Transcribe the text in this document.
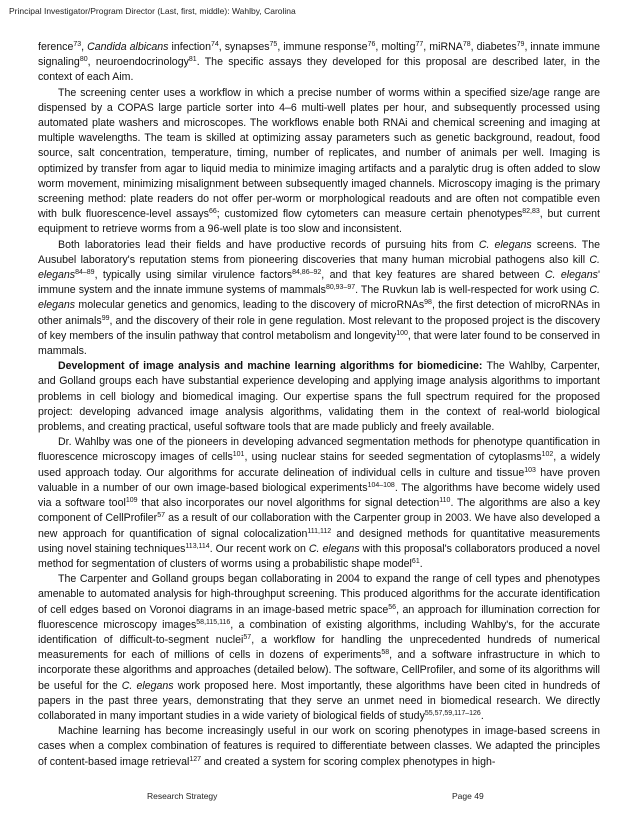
Principal Investigator/Program Director (Last, first, middle): Wahlby, Carolina

ference$^{73}$, Candida albicans infection$^{74}$, synapses$^{75}$, immune response$^{76}$, molting$^{77}$, miRNA$^{78}$, diabetes$^{79}$, innate immune signaling$^{80}$, neuroendocrinology$^{81}$. The specific assays they developed for this proposal are described later, in the context of each Aim.

The screening center uses a workflow in which a precise number of worms within a specified size/age range are dispensed by a COPAS large particle sorter into 4–6 multi-well plates per hour, and subsequently processed using automated plate washers and microscopes. The workflows enable both RNAi and chemical screening and imaging at multiple wavelengths. The team is skilled at optimizing assay parameters such as genetic background, readout, food source, salt concentration, temperature, timing, number of replicates, and number of animals per well. Imaging is optimized by transfer from agar to liquid media to minimize imaging artifacts and a paralytic drug is often added to slow worm movement, minimizing misalignment between subsequently imaged channels. Microscopy imaging is the primary screening method: plate readers do not offer per-worm or morphological readouts and are often not compatible even with bulk fluorescence-level assays$^{66}$; customized flow cytometers can measure certain phenotypes$^{82,83}$, but current equipment to retrieve worms from a 96-well plate is too slow and inconsistent.

Both laboratories lead their fields and have productive records of pursuing hits from C. elegans screens. The Ausubel laboratory's reputation stems from pioneering discoveries that many human microbial pathogens also kill C. elegans$^{84-89}$, typically using similar virulence factors$^{84,86-92}$, and that key features are shared between C. elegans' immune system and the innate immune systems of mammals$^{80,93-97}$. The Ruvkun lab is well-respected for work using C. elegans molecular genetics and genomics, leading to the discovery of microRNAs$^{98}$, the first detection of microRNAs in other animals$^{99}$, and the discovery of their role in gene regulation. Most relevant to the proposed project is the discovery of key members of the insulin pathway that control metabolism and longevity$^{100}$, that were later found to be conserved in mammals.

Development of image analysis and machine learning algorithms for biomedicine: The Wahlby, Carpenter, and Golland groups each have substantial experience developing and applying image analysis algorithms to important problems in cell biology and biomedical imaging. Our expertise spans the full spectrum required for the proposed project: developing advanced image analysis algorithms, validating them in the context of real-world biological problems, and creating practical, useful software tools that are made publicly and freely available.

Dr. Wahlby was one of the pioneers in developing advanced segmentation methods for phenotype quantification in fluorescence microscopy images of cells$^{101}$, using nuclear stains for seeded segmentation of cytoplasms$^{102}$, a widely used approach today. Our algorithms for accurate delineation of individual cells in culture and tissue$^{103}$ have proven valuable in a number of our own image-based biological experiments$^{104-108}$. The algorithms have become widely used via a software tool$^{109}$ that also incorporates our novel algorithms for signal detection$^{110}$. The algorithms are also a key component of CellProfiler$^{57}$ as a result of our collaboration with the Carpenter group in 2003. We have also developed a new approach for quantification of signal colocalization$^{111,112}$ and designed methods for quantitative measurements using novel staining techniques$^{113,114}$. Our recent work on C. elegans with this proposal's collaborators produced a novel method for segmentation of clusters of worms using a probabilistic shape model$^{61}$.

The Carpenter and Golland groups began collaborating in 2004 to expand the range of cell types and phenotypes amenable to automated analysis for high-throughput screening. This produced algorithms for the accurate identification of cell edges based on Voronoi diagrams in an image-based metric space$^{56}$, an approach for illumination correction for fluorescence microscopy images$^{58,115,116}$, a combination of existing algorithms, including Wahlby's, for the accurate identification of difficult-to-segment nuclei$^{57}$, a workflow for handling the unprecedented hundreds of numerical measurements for each of millions of cells in dozens of experiments$^{58}$, and a software infrastructure in which to incorporate these algorithms and approaches (detailed below). The software, CellProfiler, and some of its algorithms will be useful for the C. elegans work proposed here. Most importantly, these algorithms have been cited in hundreds of papers in the past three years, demonstrating that they serve an unmet need in biomedical research. We directly collaborated in many important studies in a wide variety of biological fields of study$^{55,57,59,117-126}$.

Machine learning has become increasingly useful in our work on scoring phenotypes in image-based screens in cases when a complex combination of features is required to differentiate between classes. We adapted the principles of content-based image retrieval$^{127}$ and created a system for scoring complex phenotypes in high-

Research Strategy	Page 49
